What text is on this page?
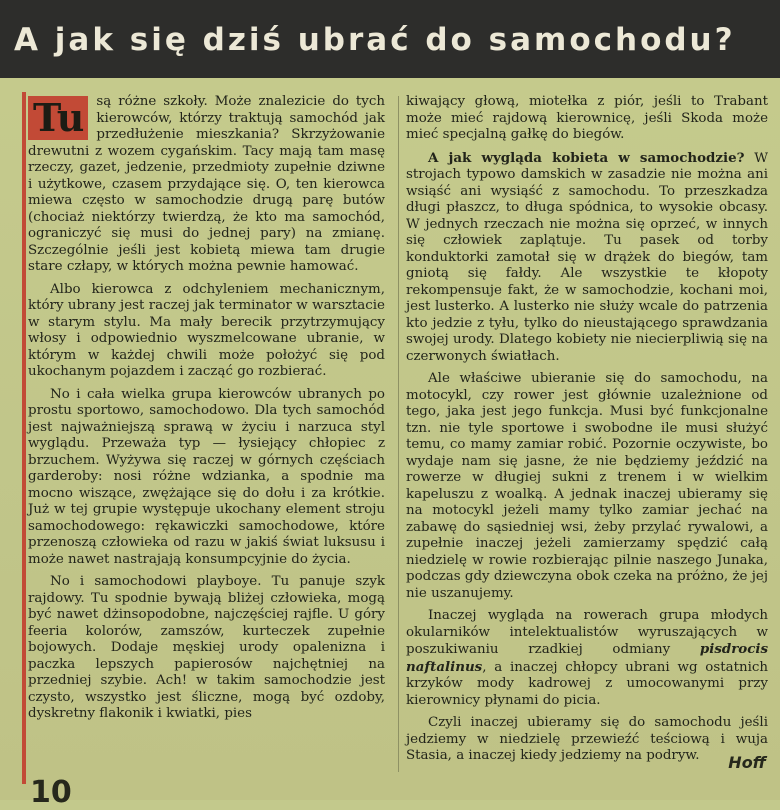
A jak się dziś ubrać do samochodu?

Tu są różne szkoły. Może znalezicie do tych kierowców, którzy traktują samochód jak przedłużenie mieszkania? Skrzyżowanie drewutni z wozem cygańskim. Tacy mają tam masę rzeczy, gazet, jedzenie, przedmioty zupełnie dziwne i użytkowe, czasem przydające się. O, ten kierowca miewa często w samochodzie drugą parę butów (chociaż niektórzy twierdzą, że kto ma samochód, ograniczyć się musi do jednej pary) na zmianę. Szczególnie jeśli jest kobietą miewa tam drugie stare człapy, w których można pewnie hamować.

Albo kierowca z odchyleniem mechanicznym, który ubrany jest raczej jak terminator w warsztacie w starym stylu. Ma mały berecik przytrzymujący włosy i odpowiednio wyszmelcowane ubranie, w którym w każdej chwili może położyć się pod ukochanym pojazdem i zacząć go rozbierać.

No i cała wielka grupa kierowców ubranych po prostu sportowo, samochodowo. Dla tych samochód jest najważniejszą sprawą w życiu i narzuca styl wyglądu. Przeważa typ — łysiejący chłopiec z brzuchem. Wyżywa się raczej w górnych częściach garderoby: nosi różne wdzianka, a spodnie ma mocno wiszące, zwężające się do dołu i za krótkie. Już w tej grupie występuje ukochany element stroju samochodowego: rękawiczki samochodowe, które przenoszą człowieka od razu w jakiś świat luksusu i może nawet nastrajają konsumpcyjnie do życia.

No i samochodowi playboye. Tu panuje szyk rajdowy. Tu spodnie bywają bliżej człowieka, mogą być nawet dżinsopodobne, najczęściej rajfle. U góry feeria kolorów, zamszów, kurteczek zupełnie bojowych. Dodaje męskiej urody opalenizna i paczka lepszych papierosów najchętniej na przedniej szybie. Ach! w takim samochodzie jest czysto, wszystko jest śliczne, mogą być ozdoby, dyskretny flakonik i kwiatki, pies

kiwający głową, miotełka z piór, jeśli to Trabant może mieć rajdową kierownicę, jeśli Skoda może mieć specjalną gałkę do biegów.

A jak wygląda kobieta w samochodzie? W strojach typowo damskich w zasadzie nie można ani wsiąść ani wysiąść z samochodu. To przeszkadza długi płaszcz, to długa spódnica, to wysokie obcasy. W jednych rzeczach nie można się oprzeć, w innych się człowiek zaplątuje. Tu pasek od torby konduktorki zamotał się w drążek do biegów, tam gniotą się fałdy. Ale wszystkie te kłopoty rekompensuje fakt, że w samochodzie, kochani moi, jest lusterko. A lusterko nie służy wcale do patrzenia kto jedzie z tyłu, tylko do nieustającego sprawdzania swojej urody. Dlatego kobiety nie niecierpliwią się na czerwonych światłach.

Ale właściwe ubieranie się do samochodu, na motocykl, czy rower jest głównie uzależnione od tego, jaka jest jego funkcja. Musi być funkcjonalne tzn. nie tyle sportowe i swobodne ile musi służyć temu, co mamy zamiar robić. Pozornie oczywiste, bo wydaje nam się jasne, że nie będziemy jeździć na rowerze w długiej sukni z trenem i w wielkim kapeluszu z woalką. A jednak inaczej ubieramy się na motocykl jeżeli mamy tylko zamiar jechać na zabawę do sąsiedniej wsi, żeby przylać rywalowi, a zupełnie inaczej jeżeli zamierzamy spędzić całą niedzielę w rowie rozbierając pilnie naszego Junaka, podczas gdy dziewczyna obok czeka na próżno, że jej nie uszanujemy.

Inaczej wygląda na rowerach grupa młodych okularników intelektualistów wyruszających w poszukiwaniu rzadkiej odmiany pisdrocis naftalinus, a inaczej chłopcy ubrani wg ostatnich krzyków mody kadrowej z umocowanymi przy kierownicy płynami do picia.

Czyli inaczej ubieramy się do samochodu jeśli jedziemy w niedzielę przewieźć teściową i wuja Stasia, a inaczej kiedy jedziemy na podryw.	Hoff
10
